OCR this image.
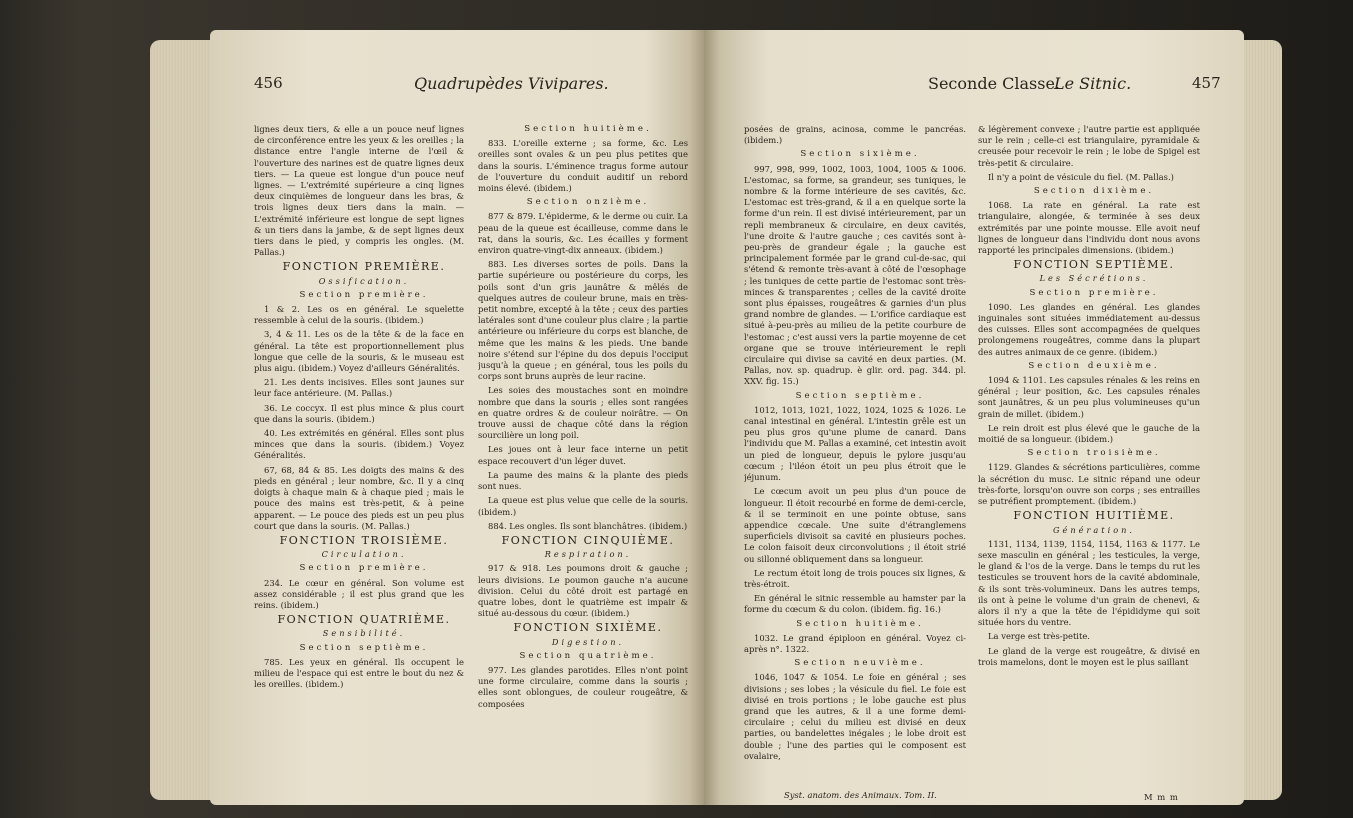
456	Quadrupèdes Vivipares.

lignes deux tiers, & elle a un pouce neuf lignes de circonférence entre les yeux & les oreilles ; la distance entre l'angle interne de l'œil & l'ouverture des narines est de quatre lignes deux tiers. — La queue est longue d'un pouce neuf lignes. — L'extrémité supérieure a cinq lignes deux cinquièmes de longueur dans les bras, & trois lignes deux tiers dans la main. — L'extrémité inférieure est longue de sept lignes & un tiers dans la jambe, & de sept lignes deux tiers dans le pied, y compris les ongles. (M. Pallas.)

FONCTION PREMIÈRE.

Ossification.

Section première.

1 & 2. Les os en général. Le squelette ressemble à celui de la souris. (ibidem.)

3, 4 & 11. Les os de la tête & de la face en général. La tête est proportionnellement plus longue que celle de la souris, & le museau est plus aigu. (ibidem.) Voyez d'ailleurs Généralités.

21. Les dents incisives. Elles sont jaunes sur leur face antérieure. (M. Pallas.)

36. Le coccyx. Il est plus mince & plus court que dans la souris. (ibidem.)

40. Les extrémités en général. Elles sont plus minces que dans la souris. (ibidem.) Voyez Généralités.

67, 68, 84 & 85. Les doigts des mains & des pieds en général ; leur nombre, &c. Il y a cinq doigts à chaque main & à chaque pied ; mais le pouce des mains est très-petit, & à peine apparent. — Le pouce des pieds est un peu plus court que dans la souris. (M. Pallas.)

FONCTION TROISIÈME.

Circulation.

Section première.

234. Le cœur en général. Son volume est assez considérable ; il est plus grand que les reins. (ibidem.)

FONCTION QUATRIÈME.

Sensibilité.

Section septième.

785. Les yeux en général. Ils occupent le milieu de l'espace qui est entre le bout du nez & les oreilles. (ibidem.)

Section huitième.

833. L'oreille externe ; sa forme, &c. Les oreilles sont ovales & un peu plus petites que dans la souris. L'éminence tragus forme autour de l'ouverture du conduit auditif un rebord moins élevé. (ibidem.)

Section onzième.

877 & 879. L'épiderme, & le derme ou cuir. La peau de la queue est écailleuse, comme dans le rat, dans la souris, &c. Les écailles y forment environ quatre-vingt-dix anneaux. (ibidem.)

883. Les diverses sortes de poils. Dans la partie supérieure ou postérieure du corps, les poils sont d'un gris jaunâtre & mêlés de quelques autres de couleur brune, mais en très-petit nombre, excepté à la tête ; ceux des parties latérales sont d'une couleur plus claire ; la partie antérieure ou inférieure du corps est blanche, de même que les mains & les pieds. Une bande noire s'étend sur l'épine du dos depuis l'occiput jusqu'à la queue ; en général, tous les poils du corps sont bruns auprès de leur racine.

Les soies des moustaches sont en moindre nombre que dans la souris ; elles sont rangées en quatre ordres & de couleur noirâtre. — On trouve aussi de chaque côté dans la région sourcilière un long poil.

Les joues ont à leur face interne un petit espace recouvert d'un léger duvet.

La paume des mains & la plante des pieds sont nues.

La queue est plus velue que celle de la souris. (ibidem.)

884. Les ongles. Ils sont blanchâtres. (ibidem.)

FONCTION CINQUIÈME.

Respiration.

917 & 918. Les poumons droit & gauche ; leurs divisions. Le poumon gauche n'a aucune division. Celui du côté droit est partagé en quatre lobes, dont le quatrième est impair & situé au-dessous du cœur. (ibidem.)

FONCTION SIXIÈME.

Digestion.

Section quatrième.

977. Les glandes parotides. Elles n'ont point une forme circulaire, comme dans la souris ; elles sont oblongues, de couleur rougeâtre, & composées

Seconde Classe.
Le Sitnic.	457

posées de grains, acinosa, comme le pancréas. (ibidem.)

Section sixième.

997, 998, 999, 1002, 1003, 1004, 1005 & 1006. L'estomac, sa forme, sa grandeur, ses tuniques, le nombre & la forme intérieure de ses cavités, &c. L'estomac est très-grand, & il a en quelque sorte la forme d'un rein. Il est divisé intérieurement, par un repli membraneux & circulaire, en deux cavités, l'une droite & l'autre gauche ; ces cavités sont à-peu-près de grandeur égale ; la gauche est principalement formée par le grand cul-de-sac, qui s'étend & remonte très-avant à côté de l'œsophage ; les tuniques de cette partie de l'estomac sont très-minces & transparentes ; celles de la cavité droite sont plus épaisses, rougeâtres & garnies d'un plus grand nombre de glandes. — L'orifice cardiaque est situé à-peu-près au milieu de la petite courbure de l'estomac ; c'est aussi vers la partie moyenne de cet organe que se trouve intérieurement le repli circulaire qui divise sa cavité en deux parties. (M. Pallas, nov. sp. quadrup. è glir. ord. pag. 344. pl. XXV. fig. 15.)

Section septième.

1012, 1013, 1021, 1022, 1024, 1025 & 1026. Le canal intestinal en général. L'intestin grêle est un peu plus gros qu'une plume de canard. Dans l'individu que M. Pallas a examiné, cet intestin avoit un pied de longueur, depuis le pylore jusqu'au cœcum ; l'iléon étoit un peu plus étroit que le jéjunum.

Le cœcum avoit un peu plus d'un pouce de longueur. Il étoit recourbé en forme de demi-cercle, & il se terminoit en une pointe obtuse, sans appendice cœcale. Une suite d'étranglemens superficiels divisoit sa cavité en plusieurs poches. Le colon faisoit deux circonvolutions ; il étoit strié ou sillonné obliquement dans sa longueur.

Le rectum étoit long de trois pouces six lignes, & très-étroit.

En général le sitnic ressemble au hamster par la forme du cœcum & du colon. (ibidem. fig. 16.)

Section huitième.

1032. Le grand épiploon en général. Voyez ci-après n°. 1322.

Section neuvième.

1046, 1047 & 1054. Le foie en général ; ses divisions ; ses lobes ; la vésicule du fiel. Le foie est divisé en trois portions ; le lobe gauche est plus grand que les autres, & il a une forme demi-circulaire ; celui du milieu est divisé en deux parties, ou bandelettes inégales ; le lobe droit est double ; l'une des parties qui le composent est ovalaire,

Syst. anatom. des Animaux. Tom. II.

& légèrement convexe ; l'autre partie est appliquée sur le rein ; celle-ci est triangulaire, pyramidale & creusée pour recevoir le rein ; le lobe de Spigel est très-petit & circulaire.

Il n'y a point de vésicule du fiel. (M. Pallas.)

Section dixième.

1068. La rate en général. La rate est triangulaire, alongée, & terminée à ses deux extrémités par une pointe mousse. Elle avoit neuf lignes de longueur dans l'individu dont nous avons rapporté les principales dimensions. (ibidem.)

FONCTION SEPTIÈME.

Les Sécrétions.

Section première.

1090. Les glandes en général. Les glandes inguinales sont situées immédiatement au-dessus des cuisses. Elles sont accompagnées de quelques prolongemens rougeâtres, comme dans la plupart des autres animaux de ce genre. (ibidem.)

Section deuxième.

1094 & 1101. Les capsules rénales & les reins en général ; leur position, &c. Les capsules rénales sont jaunâtres, & un peu plus volumineuses qu'un grain de millet. (ibidem.)

Le rein droit est plus élevé que le gauche de la moitié de sa longueur. (ibidem.)

Section troisième.

1129. Glandes & sécrétions particulières, comme la sécrétion du musc. Le sitnic répand une odeur très-forte, lorsqu'on ouvre son corps ; ses entrailles se putréfient promptement. (ibidem.)

FONCTION HUITIÈME.

Génération.

1131, 1134, 1139, 1154, 1154, 1163 & 1177. Le sexe masculin en général ; les testicules, la verge, le gland & l'os de la verge. Dans le temps du rut les testicules se trouvent hors de la cavité abdominale, & ils sont très-volumineux. Dans les autres temps, ils ont à peine le volume d'un grain de chenevi, & alors il n'y a que la tête de l'épididyme qui soit située hors du ventre.

La verge est très-petite.

Le gland de la verge est rougeâtre, & divisé en trois mamelons, dont le moyen est le plus saillant

M m m
